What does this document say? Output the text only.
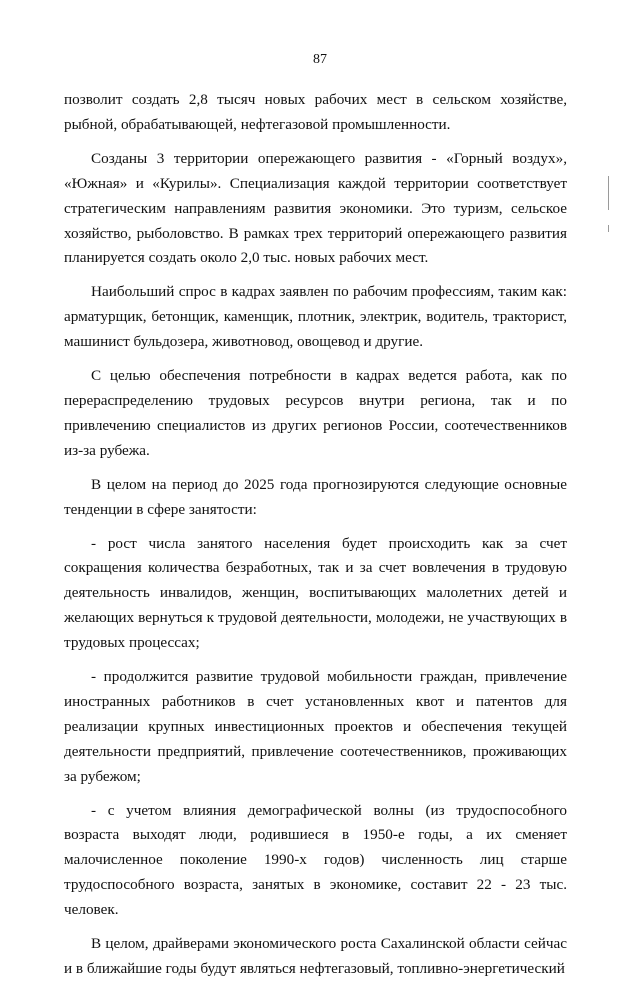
87

позволит создать 2,8 тысяч новых рабочих мест в сельском хозяйстве, рыбной, обрабатывающей, нефтегазовой промышленности.

Созданы 3 территории опережающего развития - «Горный воздух», «Южная» и «Курилы». Специализация каждой территории соответствует стратегическим направлениям развития экономики. Это туризм, сельское хозяйство, рыболовство. В рамках трех территорий опережающего развития планируется создать около 2,0 тыс. новых рабочих мест.

Наибольший спрос в кадрах заявлен по рабочим профессиям, таким как: арматурщик, бетонщик, каменщик, плотник, электрик, водитель, тракторист, машинист бульдозера, животновод, овощевод и другие.

С целью обеспечения потребности в кадрах ведется работа, как по перераспределению трудовых ресурсов внутри региона, так и по привлечению специалистов из других регионов России, соотечественников из-за рубежа.

В целом на период до 2025 года прогнозируются следующие основные тенденции в сфере занятости:

- рост числа занятого населения будет происходить как за счет сокращения количества безработных, так и за счет вовлечения в трудовую деятельность инвалидов, женщин, воспитывающих малолетних детей и желающих вернуться к трудовой деятельности, молодежи, не участвующих в трудовых процессах;

- продолжится развитие трудовой мобильности граждан, привлечение иностранных работников в счет установленных квот и патентов для реализации крупных инвестиционных проектов и обеспечения текущей деятельности предприятий, привлечение соотечественников, проживающих за рубежом;

- с учетом влияния демографической волны (из трудоспособного возраста выходят люди, родившиеся в 1950-е годы, а их сменяет малочисленное поколение 1990-х годов) численность лиц старше трудоспособного возраста, занятых в экономике, составит 22 - 23 тыс. человек.

В целом, драйверами экономического роста Сахалинской области сейчас и в ближайшие годы будут являться нефтегазовый, топливно-энергетический
